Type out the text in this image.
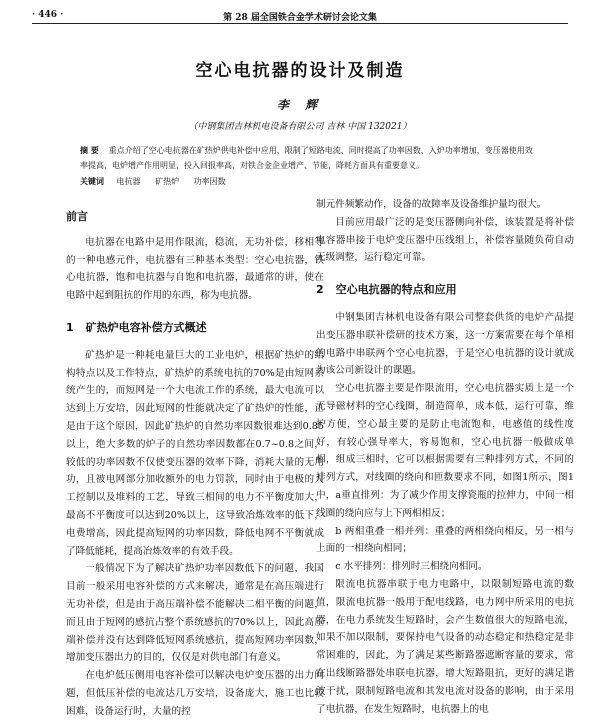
· 446 ·	第 28 届全国铁合金学术研讨会论文集
空心电抗器的设计及制造
李 辉
（中钢集团吉林机电设备有限公司 吉林 中国 132021）
摘 要 重点介绍了空心电抗器在矿热炉供电补偿中应用，限制了短路电流、同时提高了功率因数、入炉功率增加，变压器使用效率提高，电炉增产作用明显，投入回报率高，对铁合金企业增产、节能，降耗方面具有重要意义。
关键词 电抗器 矿热炉 功率因数
前言

电抗器在电路中是用作限流，稳流，无功补偿，移相等的一种电感元件，电抗器有三种基本类型：空心电抗器，铁心电抗器，饱和电抗器与自饱和电抗器，最通常的讲，使在电路中起到阻抗的作用的东西，称为电抗器。

1 矿热炉电容补偿方式概述

矿热炉是一种耗电量巨大的工业电炉，根据矿热炉的结构特点以及工作特点，矿热炉的系统电抗的70%是由短网系统产生的，而短网是一个大电流工作的系统，最大电流可以达到上万安培，因此短网的性能就决定了矿热炉的性能，正是由于这个原因，因此矿热炉的自然功率因数很难达到0.85以上，绝大多数的炉子的自然功率因数都在0.7~0.8之间，较低的功率因数不仅使变压器的效率下降，消耗大量的无用功，且被电网部分加收额外的电力罚款，同时由于电极的人工控制以及堆料的工艺，导致三相间的电力不平衡度加大，最高不平衡度可以达到20%以上，这导致冶炼效率的低下，电费增高，因此提高短网的功率因数，降低电网不平衡就成了降低能耗，提高冶炼效率的有效手段。

一般情况下为了解决矿热炉功率因数低下的问题，我国目前一般采用电容补偿的方式来解决，通常是在高压端进行无功补偿，但是由于高压端补偿不能解决二相平衡的问题，而且由于短网的感抗占整个系统感抗的70%以上，因此高压端补偿并没有达到降低短网系统感抗，提高短网功率因数，增加变压器出力的目的，仅仅是对供电部门有意义。

在电炉低压侧用电容补偿可以解决电炉变压器的出力问题，但低压补偿的电流达几万安培，设备庞大，施工也比较困难，设备运行时，大量的控

制元件频繁动作，设备的故障率及设备维护量均很大。

目前应用最广泛的是变压器侧向补偿，该装置是将补偿电容器串接于电炉变压器中压线组上，补偿容量随负荷自动无级调整，运行稳定可靠。

2 空心电抗器的特点和应用

中钢集团吉林机电设备有限公司整套供货的电炉产品提出变压器串联补偿研的技术方案，这一方案需要在每个单相的电路中串联两个空心电抗器，于是空心电抗器的设计就成为该公司新设计的课题。

空心电抗器主要是作限流用，空心电抗器实质上是一个无导磁材料的空心线圈，制造简单，成本低，运行可靠，维护方便，空心最主要的是防止电流饱和，电感值的线性度好，有较心强导率大，容易饱和，空心电抗器一般做成单相，组成三相时，它可以根据需要有三种排列方式，不同的排列方式，对线圈的绕向和匝数要求不同，如图1所示，图1中，a垂直排列：为了减少作用支撑瓷瓶的拉伸力，中间一相线圈的绕向应与上下两相相反；

b 两相重叠一相并列：重叠的两相绕向相反，另一相与上面的一相绕向相同；

c 水平排列：排列时三相绕向相同。

限流电抗器串联于电力电路中，以限制短路电流的数值，限流电抗器一般用于配电线路，电力网中所采用的电抗器，在电力系统发生短路时，会产生数值很大的短路电流，如果不加以限制，要保持电气设备的动态稳定和热稳定是非常困难的，因此，为了满足某些断路器遮断容量的要求，常在出线断路器处串联电抗器，增大短路阻抗，更好的满足谐波干扰，限制短路电流和其发电流对设备的影响，由于采用了电抗器，在发生短路时，电抗器上的电
